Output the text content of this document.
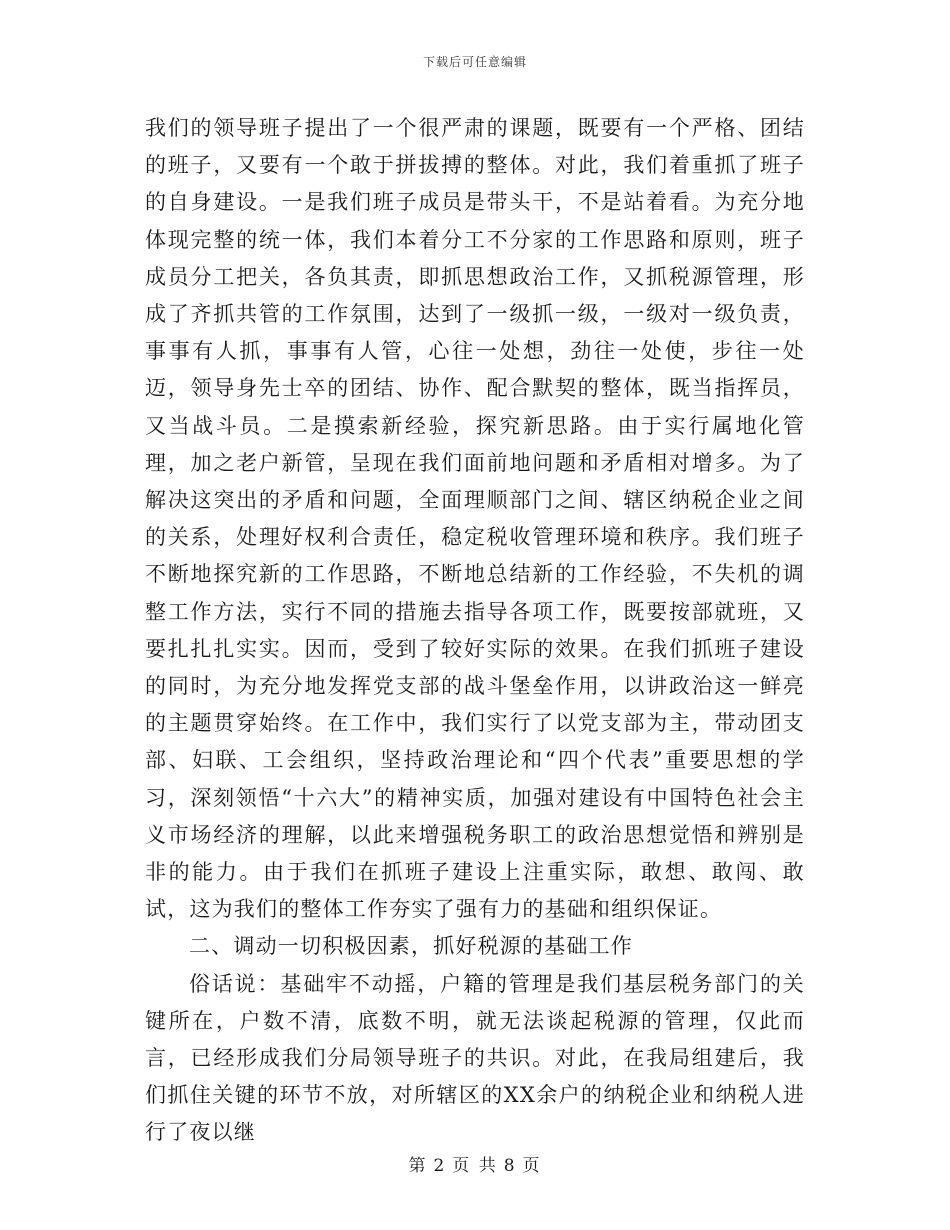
下载后可任意编辑

我们的领导班子提出了一个很严肃的课题，既要有一个严格、团结的班子，又要有一个敢于拼拔搏的整体。对此，我们着重抓了班子的自身建设。一是我们班子成员是带头干，不是站着看。为充分地体现完整的统一体，我们本着分工不分家的工作思路和原则，班子成员分工把关，各负其责，即抓思想政治工作，又抓税源管理，形成了齐抓共管的工作氛围，达到了一级抓一级，一级对一级负责，事事有人抓，事事有人管，心往一处想，劲往一处使，步往一处迈，领导身先士卒的团结、协作、配合默契的整体，既当指挥员，又当战斗员。二是摸索新经验，探究新思路。由于实行属地化管理，加之老户新管，呈现在我们面前地问题和矛盾相对增多。为了解决这突出的矛盾和问题，全面理顺部门之间、辖区纳税企业之间的关系，处理好权利合责任，稳定税收管理环境和秩序。我们班子不断地探究新的工作思路，不断地总结新的工作经验，不失机的调整工作方法，实行不同的措施去指导各项工作，既要按部就班，又要扎扎扎实实。因而，受到了较好实际的效果。在我们抓班子建设的同时，为充分地发挥党支部的战斗堡垒作用，以讲政治这一鲜亮的主题贯穿始终。在工作中，我们实行了以党支部为主，带动团支部、妇联、工会组织，坚持政治理论和“四个代表”重要思想的学习，深刻领悟“十六大”的精神实质，加强对建设有中国特色社会主义市场经济的理解，以此来增强税务职工的政治思想觉悟和辨别是非的能力。由于我们在抓班子建设上注重实际，敢想、敢闯、敢试，这为我们的整体工作夯实了强有力的基础和组织保证。

二、调动一切积极因素，抓好税源的基础工作

俗话说：基础牢不动摇，户籍的管理是我们基层税务部门的关键所在，户数不清，底数不明，就无法谈起税源的管理，仅此而言，已经形成我们分局领导班子的共识。对此，在我局组建后，我们抓住关键的环节不放，对所辖区的XX余户的纳税企业和纳税人进行了夜以继

第 2 页 共 8 页
